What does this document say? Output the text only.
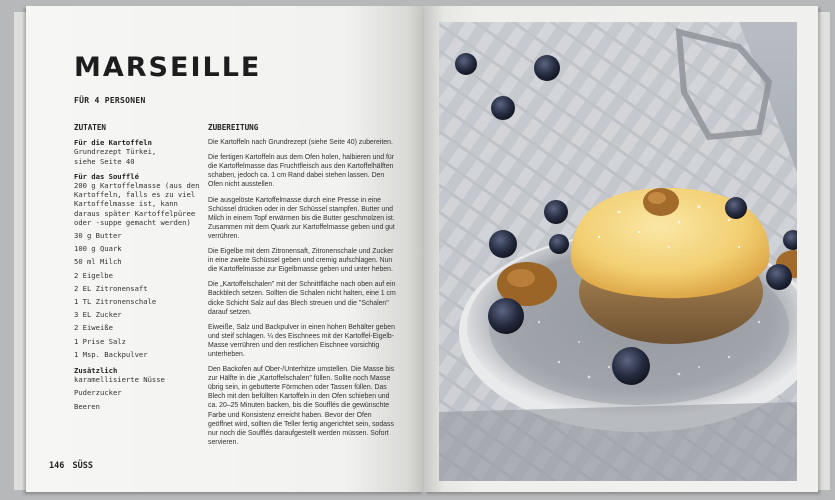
MARSEILLE
FÜR 4 PERSONEN
ZUTATEN
Für die Kartoffeln
Grundrezept Türkei,
siehe Seite 40
Für das Soufflé
200 g Kartoffelmasse (aus den Kartoffeln, falls es zu viel Kartoffelmasse ist, kann daraus später Kartoffelpüree oder -suppe gemacht werden)
30 g Butter
100 g Quark
50 ml Milch
2 Eigelbe
2 EL Zitronensaft
1 TL Zitronenschale
3 EL Zucker
2 Eiweiße
1 Prise Salz
1 Msp. Backpulver
Zusätzlich
karamellisierte Nüsse
Puderzucker
Beeren
ZUBEREITUNG

Die Kartoffeln nach Grundrezept (siehe Seite 40) zubereiten.

Die fertigen Kartoffeln aus dem Ofen holen, halbieren und für die Kartoffelmasse das Fruchtfleisch aus den Kartoffelhälften schaben, jedoch ca. 1 cm Rand dabei stehen lassen. Den Ofen nicht ausstellen.

Die ausgelöste Kartoffelmasse durch eine Presse in eine Schüssel drücken oder in der Schüssel stampfen. Butter und Milch in einem Topf erwärmen bis die Butter geschmolzen ist. Zusammen mit dem Quark zur Kartoffelmasse geben und gut verrühren.

Die Eigelbe mit dem Zitronensaft, Zitronenschale und Zucker in eine zweite Schüssel geben und cremig aufschlagen. Nun die Kartoffelmasse zur Eigelbmasse geben und unter heben.

Die „Kartoffelschalen" mit der Schnittfläche nach oben auf ein Backblech setzen. Sollten die Schalen nicht halten, eine 1 cm dicke Schicht Salz auf das Blech streuen und die "Schalen" darauf setzen.

Eiweiße, Salz und Backpulver in einen hohen Behälter geben und steif schlagen. ¼ des Eischnees mit der Kartoffel-Eigelb-Masse verrühren und den restlichen Eischnee vorsichtig unterheben.

Den Backofen auf Ober-/Unterhitze umstellen. Die Masse bis zur Hälfte in die „Kartoffelschalen" füllen. Sollte noch Masse übrig sein, in gebutterte Förmchen oder Tassen füllen. Das Blech mit den befüllten Kartoffeln in den Ofen schieben und ca. 20–25 Minuten backen, bis die Soufflés die gewünschte Farbe und Konsistenz erreicht haben. Bevor der Ofen geöffnet wird, sollten die Teller fertig angerichtet sein, sodass nur noch die Soufflés daraufgestellt werden müssen. Sofort servieren.

146 SÜSS
